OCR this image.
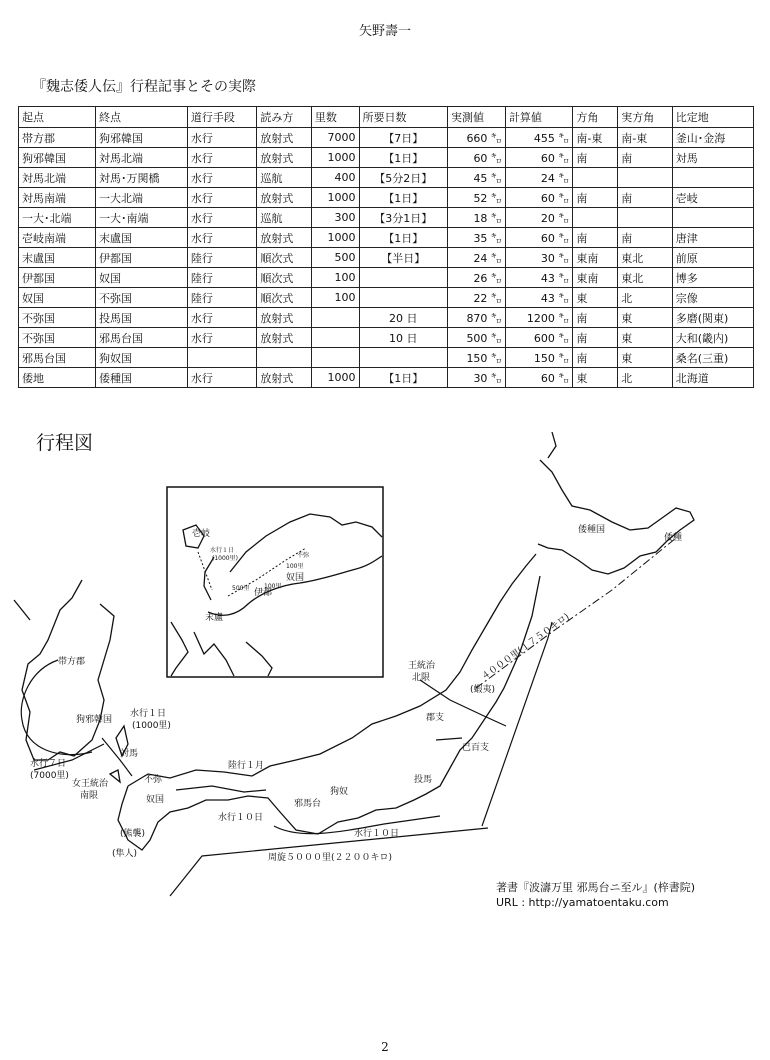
矢野壽一
『魏志倭人伝』行程記事とその実際
起点	終点	道行手段	読み方	里数	所要日数	実測値	計算値	方角	実方角	比定地
帯方郡	狗邪韓国	水行	放射式	7000	【7日】	660 ㌔	455 ㌔	南-東	南-東	釜山･金海
狗邪韓国	対馬北端	水行	放射式	1000	【1日】	60 ㌔	60 ㌔	南	南	対馬
対馬北端	対馬･万関橋	水行	巡航	400	【5分2日】	45 ㌔	24 ㌔			
対馬南端	一大北端	水行	放射式	1000	【1日】	52 ㌔	60 ㌔	南	南	壱岐
一大･北端	一大･南端	水行	巡航	300	【3分1日】	18 ㌔	20 ㌔			
壱岐南端	末盧国	水行	放射式	1000	【1日】	35 ㌔	60 ㌔	南	南	唐津
末盧国	伊都国	陸行	順次式	500	【半日】	24 ㌔	30 ㌔	東南	東北	前原
伊都国	奴国	陸行	順次式	100		26 ㌔	43 ㌔	東南	東北	博多
奴国	不弥国	陸行	順次式	100		22 ㌔	43 ㌔	東	北	宗像
不弥国	投馬国	水行	放射式		20 日	870 ㌔	1200 ㌔	南	東	多磨(関東)
不弥国	邪馬台国	水行	放射式		10 日	500 ㌔	600 ㌔	南	東	大和(畿内)
邪馬台国	狗奴国					150 ㌔	150 ㌔	南	東	桑名(三重)
倭地	倭種国	水行	放射式	1000	【1日】	30 ㌔	60 ㌔	東	北	北海道
行程図
壱岐
水行１日
(1000里)	不弥
100里
奴国
100里
伊都
500里
末盧
帯方郡
狗邪韓国
水行１日
(1000里)
対馬
水行７日
(7000里)
女王統治
南限
不弥
奴国
(熊襲)
(隼人)
陸行１月
水行１０日
邪馬台
狗奴
投馬
水行１０日
周旋５０００里(２２００キロ)
王統治
北限
(蝦夷)
郡支
已百支
４０００里(１７５０キロ)
倭種国
倭種
著書『波濤万里 邪馬台ニ至ル』(梓書院)
URL : http://yamatoentaku.com
2
